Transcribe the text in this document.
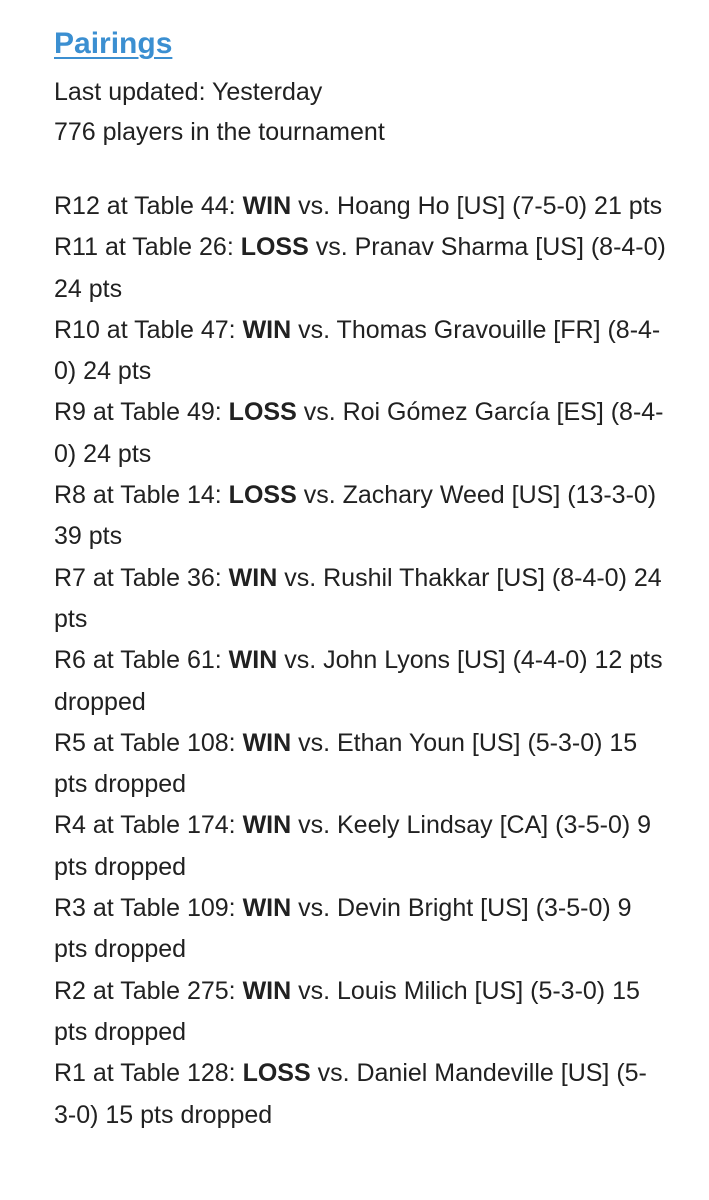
Pairings
Last updated: Yesterday
776 players in the tournament

R12 at Table 44: WIN vs. Hoang Ho [US] (7-5-0) 21 pts

R11 at Table 26: LOSS vs. Pranav Sharma [US] (8-4-0) 24 pts

R10 at Table 47: WIN vs. Thomas Gravouille [FR] (8-4-0) 24 pts

R9 at Table 49: LOSS vs. Roi Gómez García [ES] (8-4-0) 24 pts

R8 at Table 14: LOSS vs. Zachary Weed [US] (13-3-0) 39 pts

R7 at Table 36: WIN vs. Rushil Thakkar [US] (8-4-0) 24 pts

R6 at Table 61: WIN vs. John Lyons [US] (4-4-0) 12 pts dropped

R5 at Table 108: WIN vs. Ethan Youn [US] (5-3-0) 15 pts dropped

R4 at Table 174: WIN vs. Keely Lindsay [CA] (3-5-0) 9 pts dropped

R3 at Table 109: WIN vs. Devin Bright [US] (3-5-0) 9 pts dropped

R2 at Table 275: WIN vs. Louis Milich [US] (5-3-0) 15 pts dropped

R1 at Table 128: LOSS vs. Daniel Mandeville [US] (5-3-0) 15 pts dropped
